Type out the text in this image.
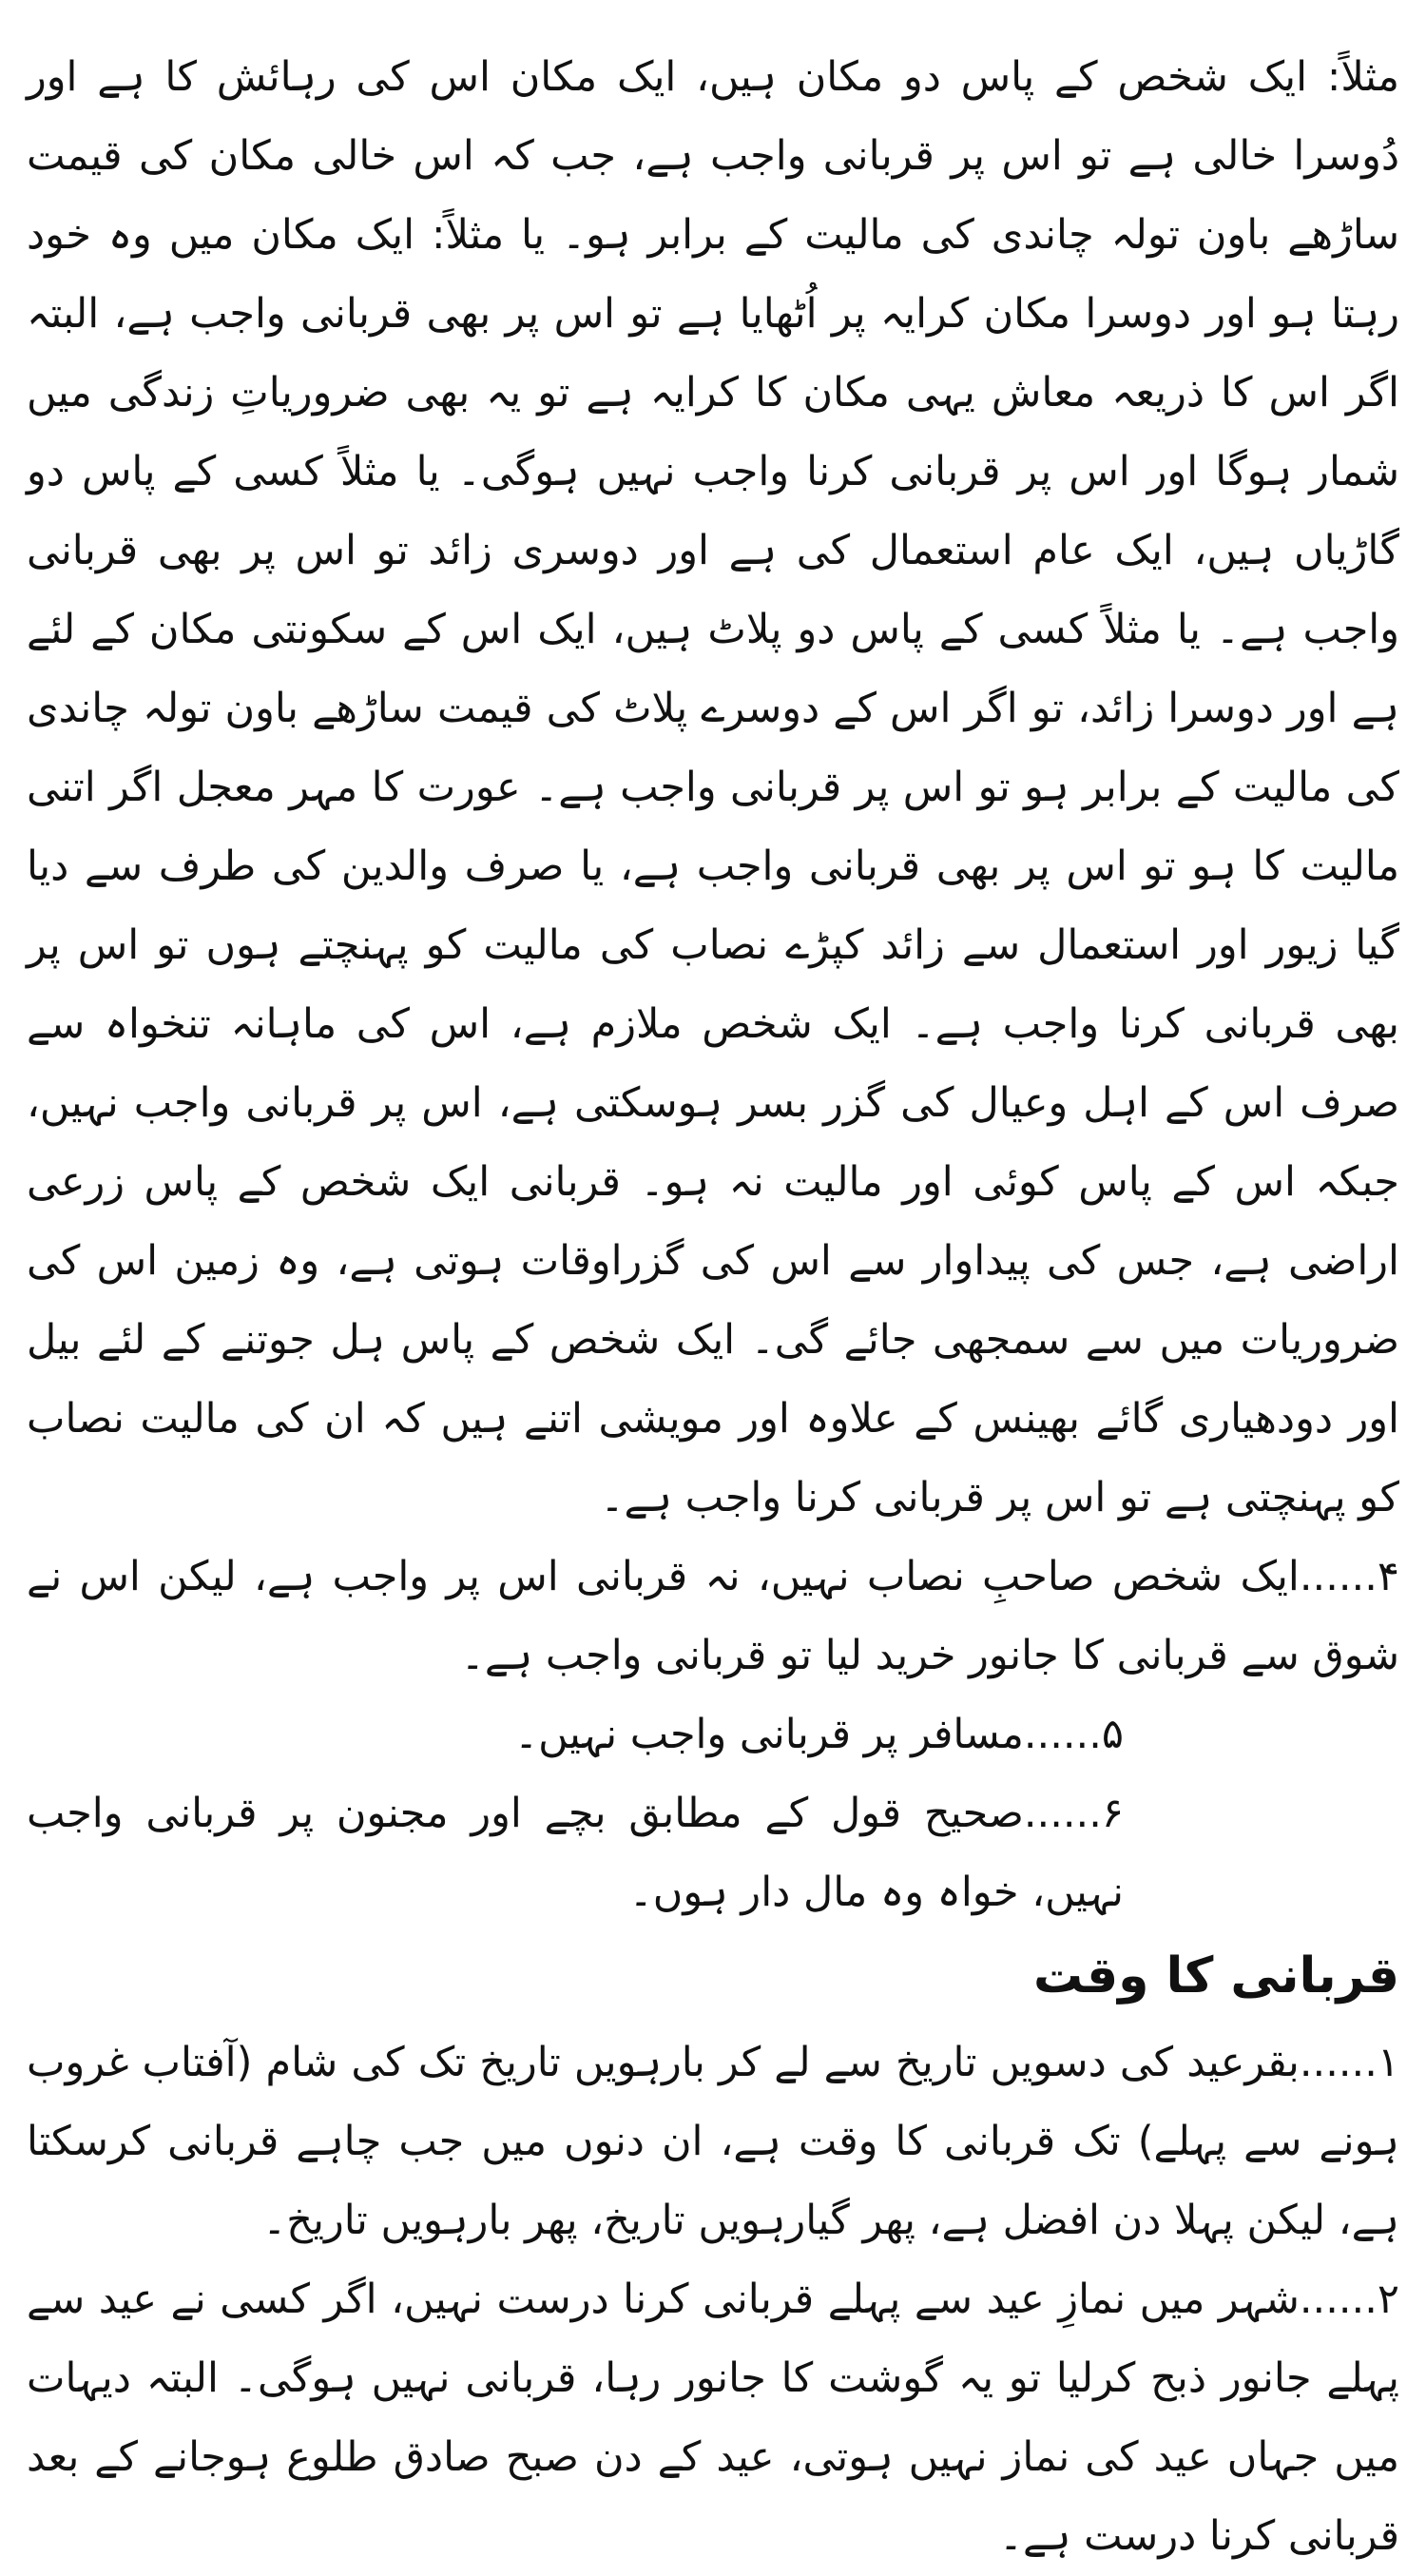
مثلاً: ایک شخص کے پاس دو مکان ہیں، ایک مکان اس کی رہائش کا ہے اور دُوسرا خالی ہے تو اس پر قربانی واجب ہے، جب کہ اس خالی مکان کی قیمت ساڑھے باون تولہ چاندی کی مالیت کے برابر ہو۔ یا مثلاً: ایک مکان میں وہ خود رہتا ہو اور دوسرا مکان کرایہ پر اُٹھایا ہے تو اس پر بھی قربانی واجب ہے، البتہ اگر اس کا ذریعہ معاش یہی مکان کا کرایہ ہے تو یہ بھی ضروریاتِ زندگی میں شمار ہوگا اور اس پر قربانی کرنا واجب نہیں ہوگی۔ یا مثلاً کسی کے پاس دو گاڑیاں ہیں، ایک عام استعمال کی ہے اور دوسری زائد تو اس پر بھی قربانی واجب ہے۔ یا مثلاً کسی کے پاس دو پلاٹ ہیں، ایک اس کے سکونتی مکان کے لئے ہے اور دوسرا زائد، تو اگر اس کے دوسرے پلاٹ کی قیمت ساڑھے باون تولہ چاندی کی مالیت کے برابر ہو تو اس پر قربانی واجب ہے۔ عورت کا مہر معجل اگر اتنی مالیت کا ہو تو اس پر بھی قربانی واجب ہے، یا صرف والدین کی طرف سے دیا گیا زیور اور استعمال سے زائد کپڑے نصاب کی مالیت کو پہنچتے ہوں تو اس پر بھی قربانی کرنا واجب ہے۔ ایک شخص ملازم ہے، اس کی ماہانہ تنخواہ سے صرف اس کے اہل وعیال کی گزر بسر ہوسکتی ہے، اس پر قربانی واجب نہیں، جبکہ اس کے پاس کوئی اور مالیت نہ ہو۔ قربانی ایک شخص کے پاس زرعی اراضی ہے، جس کی پیداوار سے اس کی گزراوقات ہوتی ہے، وہ زمین اس کی ضروریات میں سے سمجھی جائے گی۔ ایک شخص کے پاس ہل جوتنے کے لئے بیل اور دودھیاری گائے بھینس کے علاوہ اور مویشی اتنے ہیں کہ ان کی مالیت نصاب کو پہنچتی ہے تو اس پر قربانی کرنا واجب ہے۔

۴......ایک شخص صاحبِ نصاب نہیں، نہ قربانی اس پر واجب ہے، لیکن اس نے شوق سے قربانی کا جانور خرید لیا تو قربانی واجب ہے۔

۵......مسافر پر قربانی واجب نہیں۔

۶......صحیح قول کے مطابق بچے اور مجنون پر قربانی واجب نہیں، خواہ وہ مال دار ہوں۔

قربانی کا وقت

۱......بقرعید کی دسویں تاریخ سے لے کر بارہویں تاریخ تک کی شام (آفتاب غروب ہونے سے پہلے) تک قربانی کا وقت ہے، ان دنوں میں جب چاہے قربانی کرسکتا ہے، لیکن پہلا دن افضل ہے، پھر گیارہویں تاریخ، پھر بارہویں تاریخ۔

۲......شہر میں نمازِ عید سے پہلے قربانی کرنا درست نہیں، اگر کسی نے عید سے پہلے جانور ذبح کرلیا تو یہ گوشت کا جانور رہا، قربانی نہیں ہوگی۔ البتہ دیہات میں جہاں عید کی نماز نہیں ہوتی، عید کے دن صبح صادق طلوع ہوجانے کے بعد قربانی کرنا درست ہے۔
